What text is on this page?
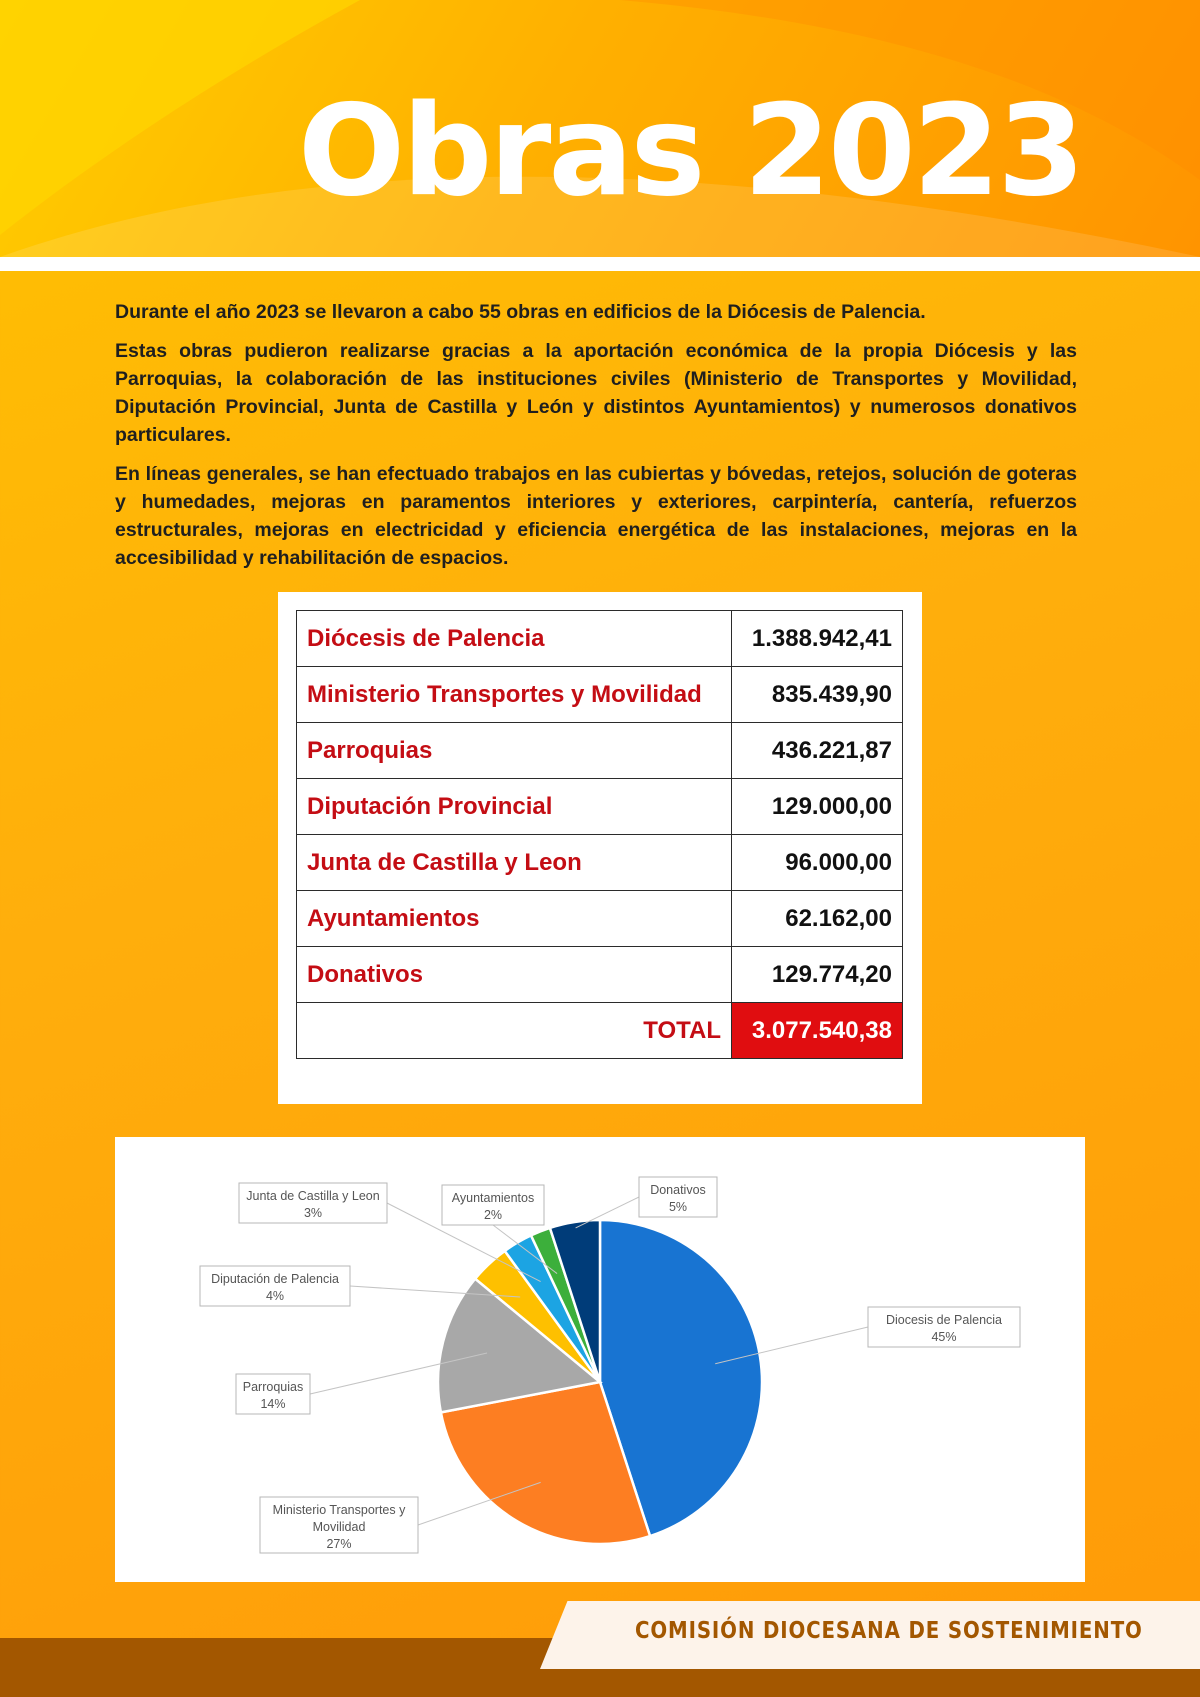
Obras 2023

Durante el año 2023 se llevaron a cabo 55 obras en edificios de la Diócesis de Palencia.

Estas obras pudieron realizarse gracias a la aportación económica de la propia Diócesis y las Parroquias, la colaboración de las instituciones civiles (Ministerio de Transportes y Movilidad, Diputación Provincial, Junta de Castilla y León y distintos Ayuntamientos) y numerosos donativos particulares.

En líneas generales, se han efectuado trabajos en las cubiertas y bóvedas, retejos, solución de goteras y humedades, mejoras en paramentos interiores y exteriores, carpintería, cantería, refuerzos estructurales, mejoras en electricidad y eficiencia energética de las instalaciones, mejoras en la accesibilidad y rehabilitación de espacios.

Diócesis de Palencia	1.388.942,41
Ministerio Transportes y Movilidad	835.439,90
Parroquias	436.221,87
Diputación Provincial	129.000,00
Junta de Castilla y Leon	96.000,00
Ayuntamientos	62.162,00
Donativos	129.774,20
TOTAL	3.077.540,38
Diocesis de Palencia
45%
Ministerio Transportes y
Movilidad
27%
Parroquias
14%
Diputación de Palencia
4%
Junta de Castilla y Leon
3%
Ayuntamientos
2%
Donativos
5%
COMISIÓN DIOCESANA DE SOSTENIMIENTO
